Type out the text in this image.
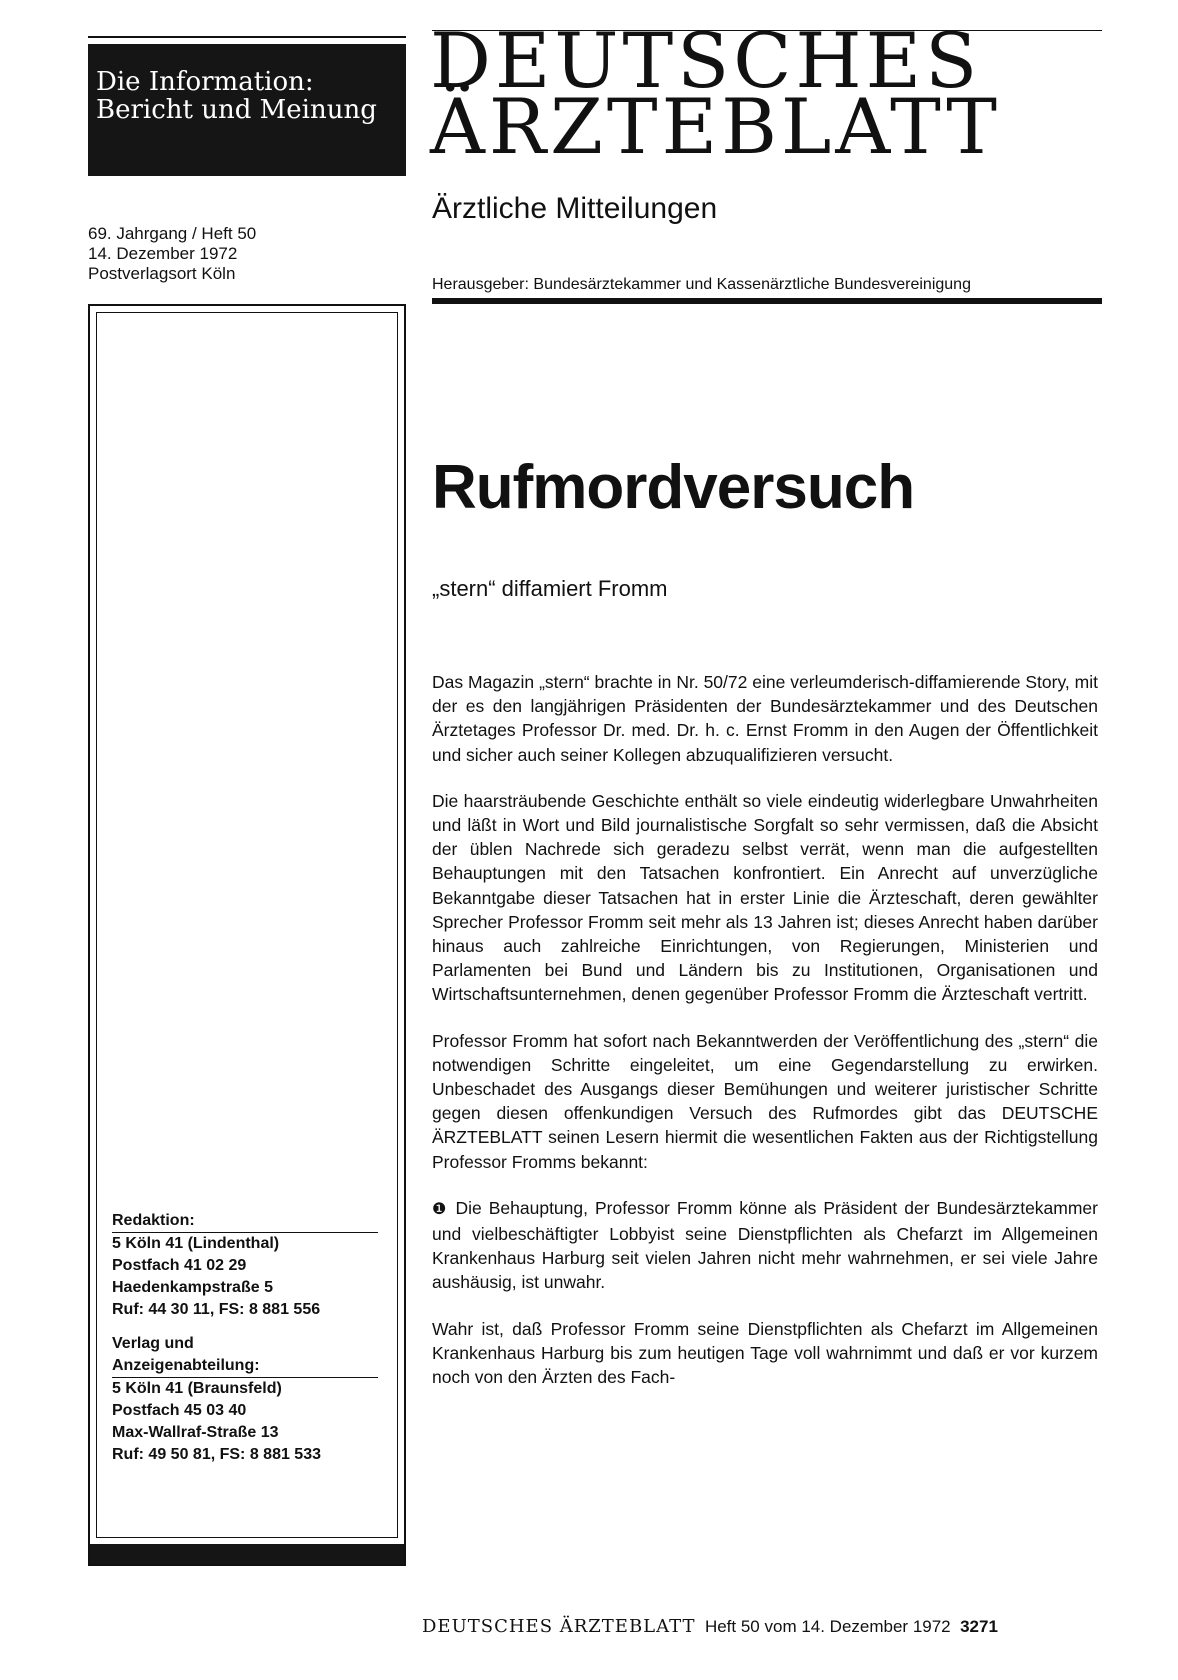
Die Information:
Bericht und Meinung
69. Jahrgang / Heft 50
14. Dezember 1972
Postverlagsort Köln
Redaktion:
5 Köln 41 (Lindenthal)
Postfach 41 02 29
Haedenkampstraße 5
Ruf: 44 30 11, FS: 8 881 556
Verlag und
Anzeigenabteilung:
5 Köln 41 (Braunsfeld)
Postfach 45 03 40
Max-Wallraf-Straße 13
Ruf: 49 50 81, FS: 8 881 533
DEUTSCHES
ÄRZTEBLATT
Ärztliche Mitteilungen
Herausgeber: Bundesärztekammer und Kassenärztliche Bundesvereinigung
Rufmordversuch
„stern“ diffamiert Fromm

Das Magazin „stern“ brachte in Nr. 50/72 eine verleumderisch-diffamierende Story, mit der es den langjährigen Präsidenten der Bundesärztekammer und des Deutschen Ärztetages Professor Dr. med. Dr. h. c. Ernst Fromm in den Augen der Öffentlichkeit und sicher auch seiner Kollegen abzuqualifizieren versucht.

Die haarsträubende Geschichte enthält so viele eindeutig widerlegbare Unwahrheiten und läßt in Wort und Bild journalistische Sorgfalt so sehr vermissen, daß die Absicht der üblen Nachrede sich geradezu selbst verrät, wenn man die aufgestellten Behauptungen mit den Tatsachen konfrontiert. Ein Anrecht auf unverzügliche Bekanntgabe dieser Tatsachen hat in erster Linie die Ärzteschaft, deren gewählter Sprecher Professor Fromm seit mehr als 13 Jahren ist; dieses Anrecht haben darüber hinaus auch zahlreiche Einrichtungen, von Regierungen, Ministerien und Parlamenten bei Bund und Ländern bis zu Institutionen, Organisationen und Wirtschaftsunternehmen, denen gegenüber Professor Fromm die Ärzteschaft vertritt.

Professor Fromm hat sofort nach Bekanntwerden der Veröffentlichung des „stern“ die notwendigen Schritte eingeleitet, um eine Gegendarstellung zu erwirken. Unbeschadet des Ausgangs dieser Bemühungen und weiterer juristischer Schritte gegen diesen offenkundigen Versuch des Rufmordes gibt das DEUTSCHE ÄRZTEBLATT seinen Lesern hiermit die wesentlichen Fakten aus der Richtigstellung Professor Fromms bekannt:

❶ Die Behauptung, Professor Fromm könne als Präsident der Bundesärztekammer und vielbeschäftigter Lobbyist seine Dienstpflichten als Chefarzt im Allgemeinen Krankenhaus Harburg seit vielen Jahren nicht mehr wahrnehmen, er sei viele Jahre aushäusig, ist unwahr.

Wahr ist, daß Professor Fromm seine Dienstpflichten als Chefarzt im Allgemeinen Krankenhaus Harburg bis zum heutigen Tage voll wahrnimmt und daß er vor kurzem noch von den Ärzten des Fach-

DEUTSCHES ÄRZTEBLATT Heft 50 vom 14. Dezember 1972 3271
